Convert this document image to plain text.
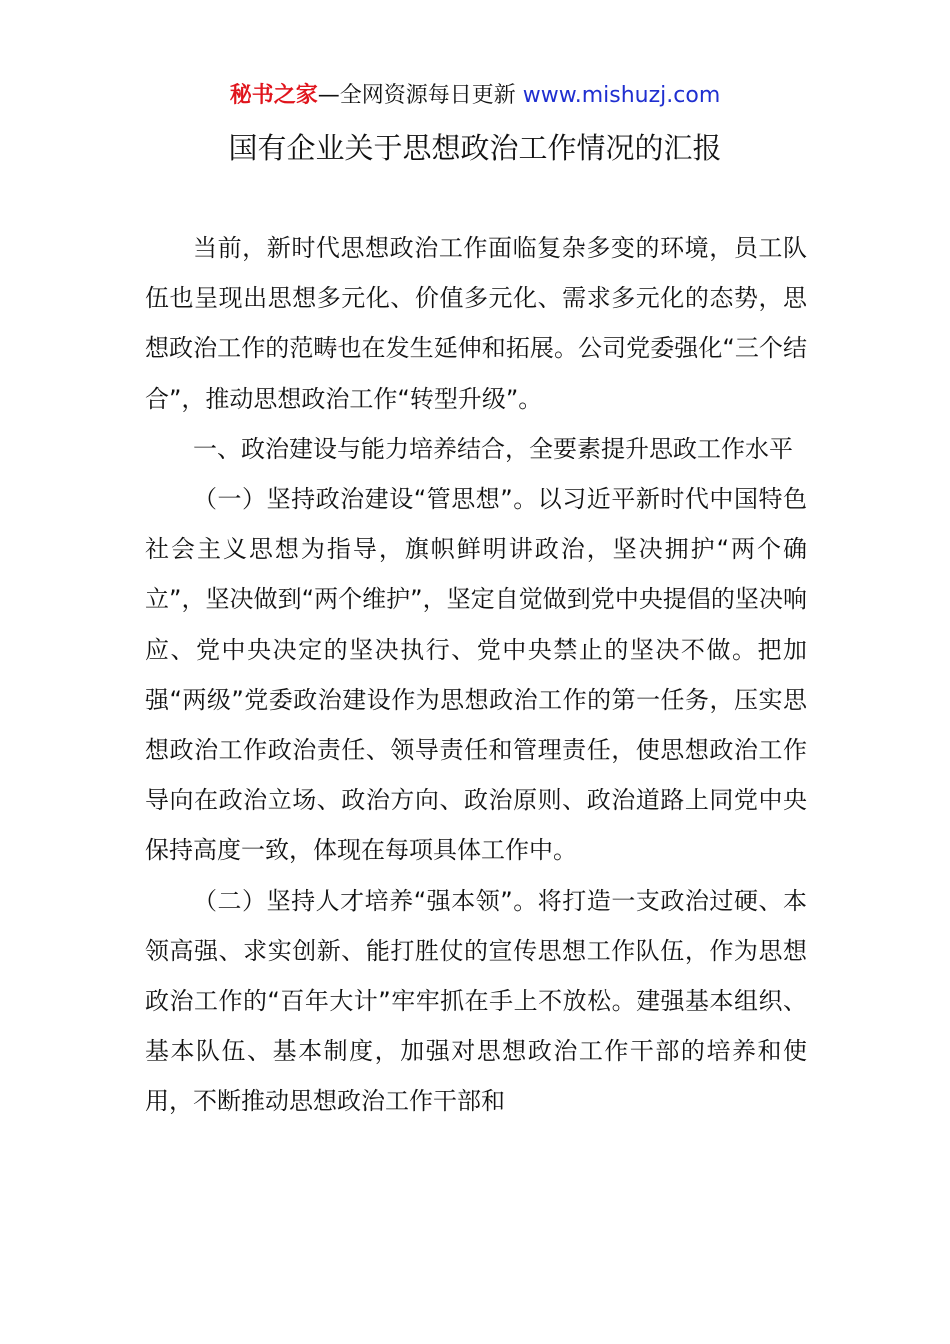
秘书之家—全网资源每日更新 www.mishuzj.com
国有企业关于思想政治工作情况的汇报

当前，新时代思想政治工作面临复杂多变的环境，员工队伍也呈现出思想多元化、价值多元化、需求多元化的态势，思想政治工作的范畴也在发生延伸和拓展。公司党委强化“三个结合”，推动思想政治工作“转型升级”。

一、政治建设与能力培养结合，全要素提升思政工作水平

（一）坚持政治建设“管思想”。以习近平新时代中国特色社会主义思想为指导，旗帜鲜明讲政治，坚决拥护“两个确立”，坚决做到“两个维护”，坚定自觉做到党中央提倡的坚决响应、党中央决定的坚决执行、党中央禁止的坚决不做。把加强“两级”党委政治建设作为思想政治工作的第一任务，压实思想政治工作政治责任、领导责任和管理责任，使思想政治工作导向在政治立场、政治方向、政治原则、政治道路上同党中央保持高度一致，体现在每项具体工作中。

（二）坚持人才培养“强本领”。将打造一支政治过硬、本领高强、求实创新、能打胜仗的宣传思想工作队伍，作为思想政治工作的“百年大计”牢牢抓在手上不放松。建强基本组织、基本队伍、基本制度，加强对思想政治工作干部的培养和使用，不断推动思想政治工作干部和
